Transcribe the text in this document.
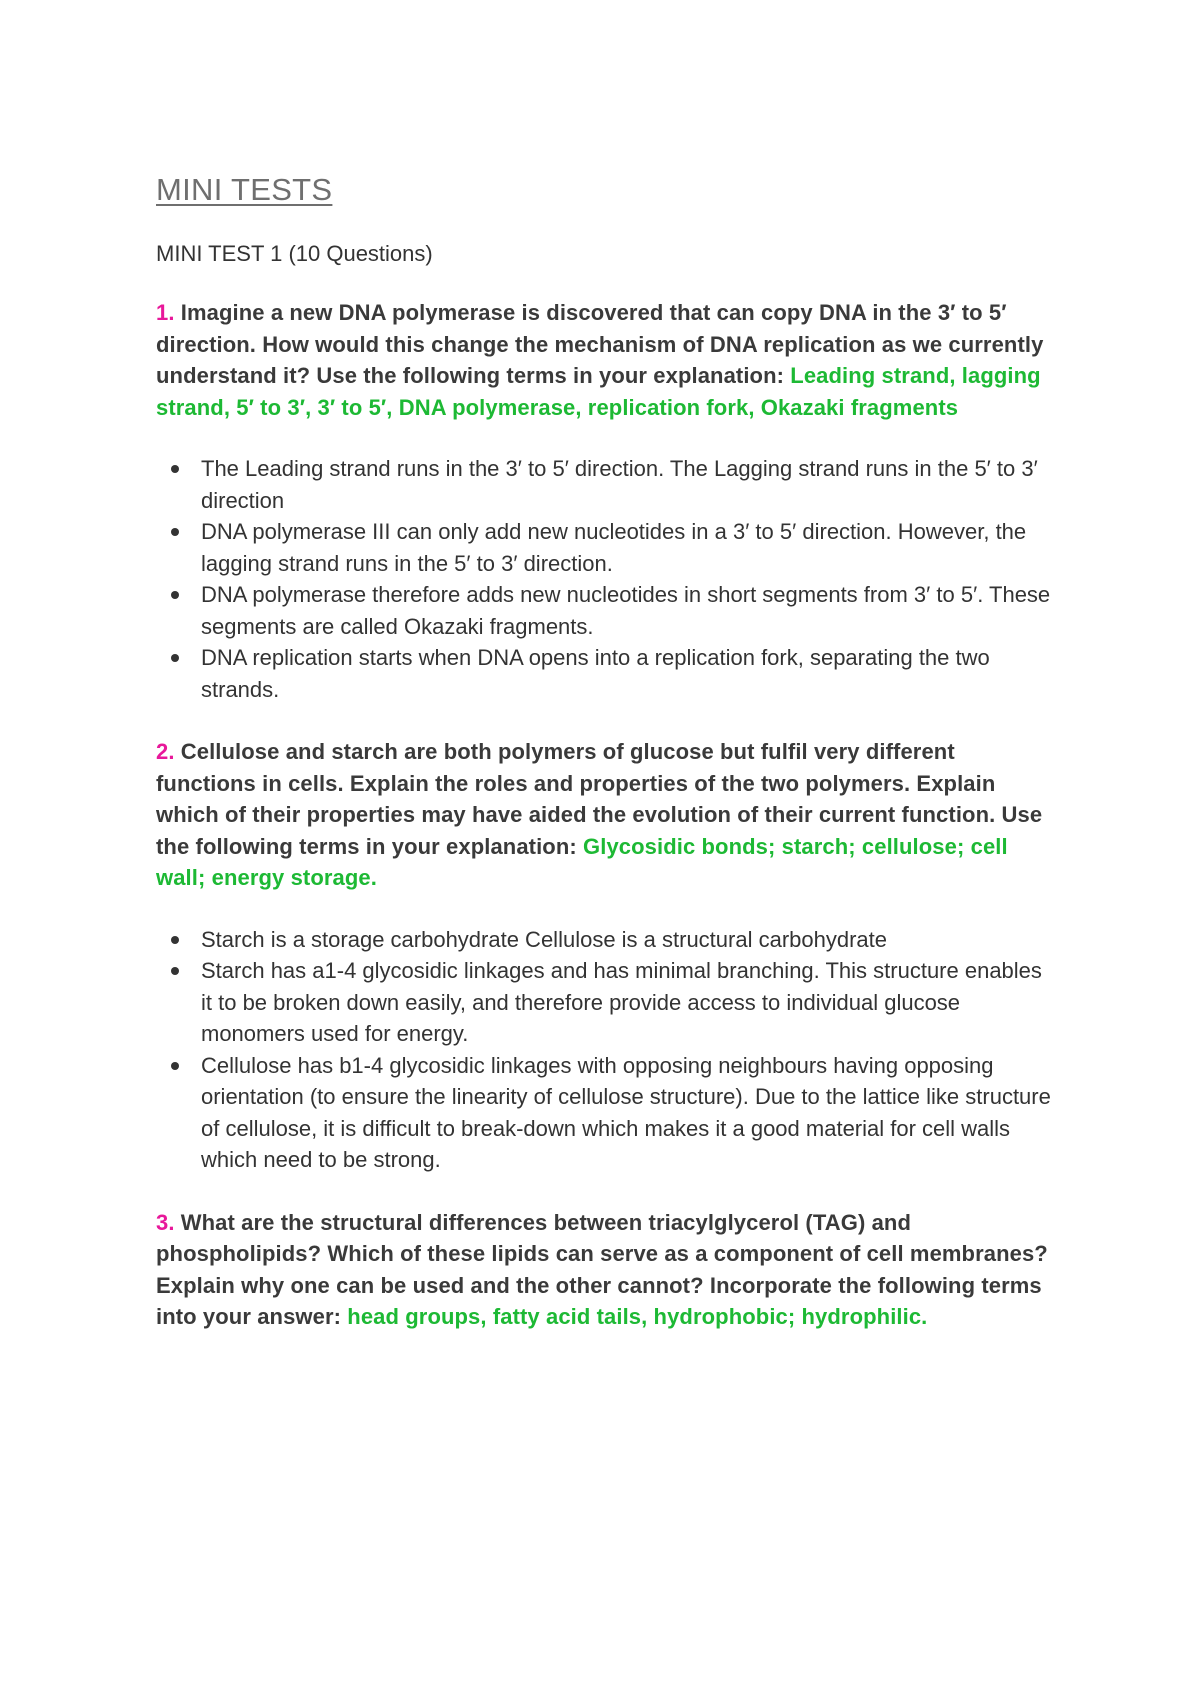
MINI TESTS
MINI TEST 1 (10 Questions)
1. Imagine a new DNA polymerase is discovered that can copy DNA in the 3′ to 5′ direction. How would this change the mechanism of DNA replication as we currently understand it? Use the following terms in your explanation: Leading strand, lagging strand, 5′ to 3′, 3′ to 5′, DNA polymerase, replication fork, Okazaki fragments
The Leading strand runs in the 3′ to 5′ direction. The Lagging strand runs in the 5′ to 3′ direction
DNA polymerase III can only add new nucleotides in a 3′ to 5′ direction. However, the lagging strand runs in the 5′ to 3′ direction.
DNA polymerase therefore adds new nucleotides in short segments from 3′ to 5′. These segments are called Okazaki fragments.
DNA replication starts when DNA opens into a replication fork, separating the two strands.
2. Cellulose and starch are both polymers of glucose but fulfil very different functions in cells. Explain the roles and properties of the two polymers. Explain which of their properties may have aided the evolution of their current function. Use the following terms in your explanation: Glycosidic bonds; starch; cellulose; cell wall; energy storage.
Starch is a storage carbohydrate Cellulose is a structural carbohydrate
Starch has a1-4 glycosidic linkages and has minimal branching. This structure enables it to be broken down easily, and therefore provide access to individual glucose monomers used for energy.
Cellulose has b1-4 glycosidic linkages with opposing neighbours having opposing orientation (to ensure the linearity of cellulose structure). Due to the lattice like structure of cellulose, it is difficult to break-down which makes it a good material for cell walls which need to be strong.
3. What are the structural differences between triacylglycerol (TAG) and phospholipids? Which of these lipids can serve as a component of cell membranes? Explain why one can be used and the other cannot? Incorporate the following terms into your answer: head groups, fatty acid tails, hydrophobic; hydrophilic.
